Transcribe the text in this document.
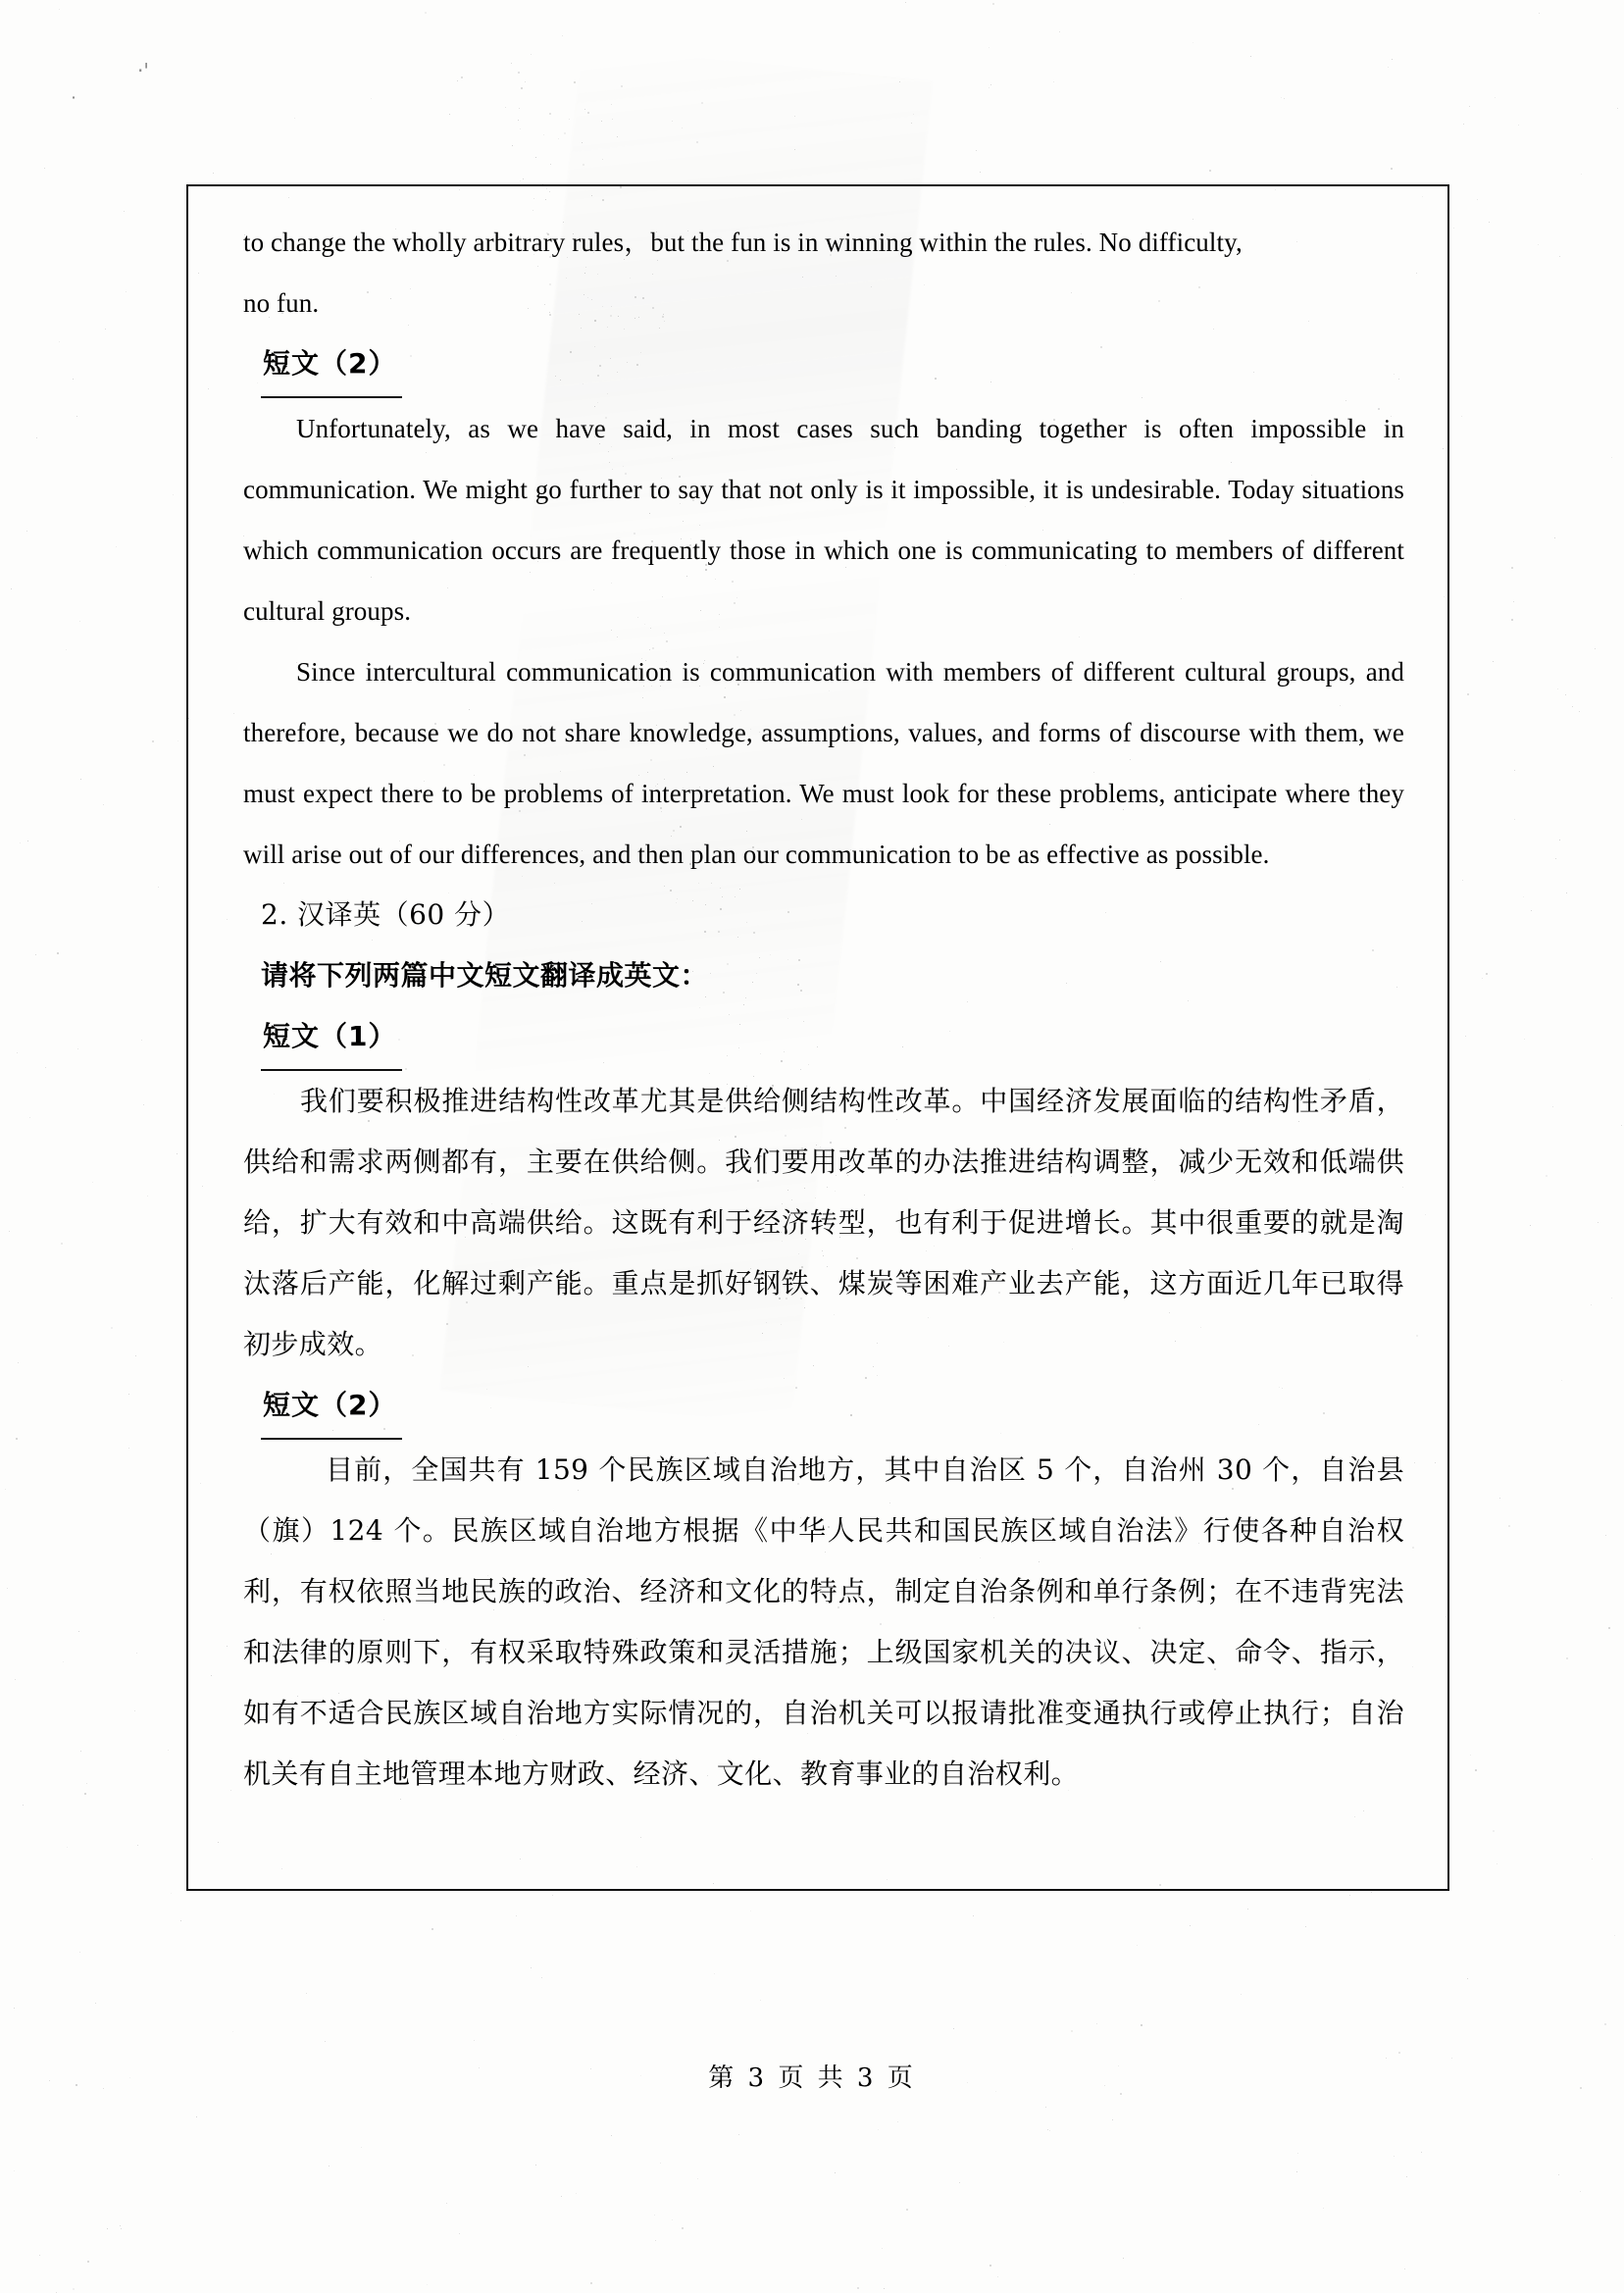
·'
˙

to change the wholly arbitrary rules，but the fun is in winning within the rules. No difficulty,

no fun.

短文（2）

Unfortunately, as we have said, in most cases such banding together is often impossible in communication. We might go further to say that not only is it impossible, it is undesirable. Today situations which communication occurs are frequently those in which one is communicating to members of different cultural groups.

Since intercultural communication is communication with members of different cultural groups, and therefore, because we do not share knowledge, assumptions, values, and forms of discourse with them, we must expect there to be problems of interpretation. We must look for these problems, anticipate where they will arise out of our differences, and then plan our communication to be as effective as possible.

2. 汉译英（60 分）

请将下列两篇中文短文翻译成英文：

短文（1）

我们要积极推进结构性改革尤其是供给侧结构性改革。中国经济发展面临的结构性矛盾，供给和需求两侧都有，主要在供给侧。我们要用改革的办法推进结构调整，减少无效和低端供给，扩大有效和中高端供给。这既有利于经济转型，也有利于促进增长。其中很重要的就是淘汰落后产能，化解过剩产能。重点是抓好钢铁、煤炭等困难产业去产能，这方面近几年已取得初步成效。

短文（2）

目前，全国共有 159 个民族区域自治地方，其中自治区 5 个，自治州 30 个，自治县（旗）124 个。民族区域自治地方根据《中华人民共和国民族区域自治法》行使各种自治权利，有权依照当地民族的政治、经济和文化的特点，制定自治条例和单行条例；在不违背宪法和法律的原则下，有权采取特殊政策和灵活措施；上级国家机关的决议、决定、命令、指示，如有不适合民族区域自治地方实际情况的，自治机关可以报请批准变通执行或停止执行；自治机关有自主地管理本地方财政、经济、文化、教育事业的自治权利。

第 3 页 共 3 页
